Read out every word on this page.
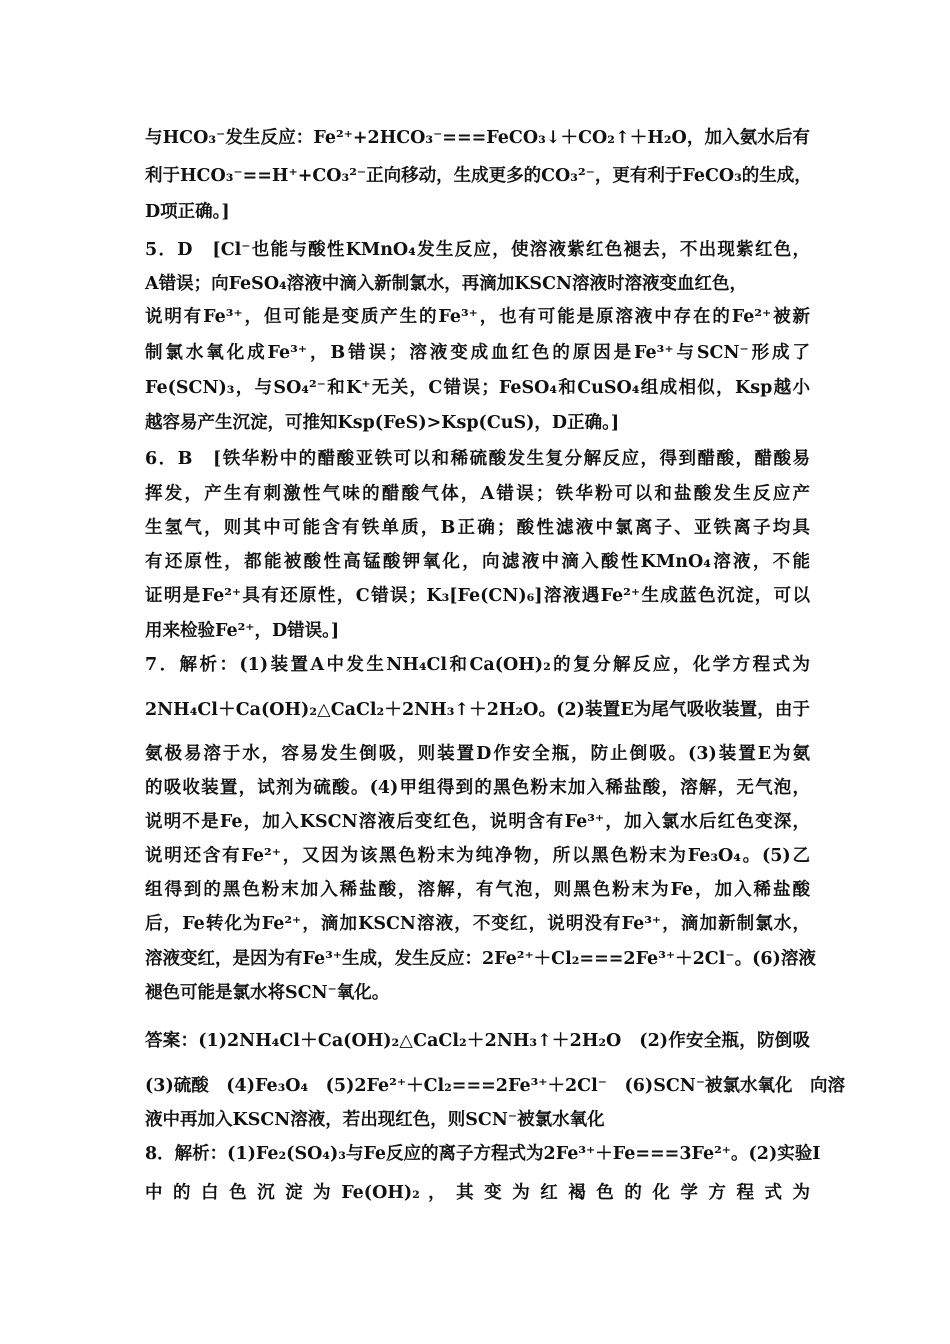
与HCO₃⁻发生反应：Fe²⁺+2HCO₃⁻===FeCO₃↓＋CO₂↑＋H₂O，加入氨水后有
利于HCO₃⁻==H⁺+CO₃²⁻正向移动，生成更多的CO₃²⁻，更有利于FeCO₃的生成，
D项正确。]
5．D　[Cl⁻也能与酸性KMnO₄发生反应，使溶液紫红色褪去，不出现紫红色，
A错误；向FeSO₄溶液中滴入新制氯水，再滴加KSCN溶液时溶液变血红色，
说明有Fe³⁺，但可能是变质产生的Fe³⁺，也有可能是原溶液中存在的Fe²⁺被新
制氯水氧化成Fe³⁺，B错误；溶液变成血红色的原因是Fe³⁺与SCN⁻形成了
Fe(SCN)₃，与SO₄²⁻和K⁺无关，C错误；FeSO₄和CuSO₄组成相似，Ksp越小
越容易产生沉淀，可推知Ksp(FeS)>Ksp(CuS)，D正确。]
6．B　[铁华粉中的醋酸亚铁可以和稀硫酸发生复分解反应，得到醋酸，醋酸易
挥发，产生有刺激性气味的醋酸气体，A错误；铁华粉可以和盐酸发生反应产
生氢气，则其中可能含有铁单质，B正确；酸性滤液中氯离子、亚铁离子均具
有还原性，都能被酸性高锰酸钾氧化，向滤液中滴入酸性KMnO₄溶液，不能
证明是Fe²⁺具有还原性，C错误；K₃[Fe(CN)₆]溶液遇Fe²⁺生成蓝色沉淀，可以
用来检验Fe²⁺，D错误。]
7．解析：(1)装置A中发生NH₄Cl和Ca(OH)₂的复分解反应，化学方程式为
2NH₄Cl＋Ca(OH)₂△CaCl₂＋2NH₃↑＋2H₂O。(2)装置E为尾气吸收装置，由于
氨极易溶于水，容易发生倒吸，则装置D作安全瓶，防止倒吸。(3)装置E为氨
的吸收装置，试剂为硫酸。(4)甲组得到的黑色粉末加入稀盐酸，溶解，无气泡，
说明不是Fe，加入KSCN溶液后变红色，说明含有Fe³⁺，加入氯水后红色变深，
说明还含有Fe²⁺，又因为该黑色粉末为纯净物，所以黑色粉末为Fe₃O₄。(5)乙
组得到的黑色粉末加入稀盐酸，溶解，有气泡，则黑色粉末为Fe，加入稀盐酸
后，Fe转化为Fe²⁺，滴加KSCN溶液，不变红，说明没有Fe³⁺，滴加新制氯水，
溶液变红，是因为有Fe³⁺生成，发生反应：2Fe²⁺＋Cl₂===2Fe³⁺＋2Cl⁻。(6)溶液
褪色可能是氯水将SCN⁻氧化。
答案：(1)2NH₄Cl＋Ca(OH)₂△CaCl₂＋2NH₃↑＋2H₂O　(2)作安全瓶，防倒吸
(3)硫酸　(4)Fe₃O₄　(5)2Fe²⁺＋Cl₂===2Fe³⁺＋2Cl⁻　(6)SCN⁻被氯水氧化　向溶
液中再加入KSCN溶液，若出现红色，则SCN⁻被氯水氧化
8．解析：(1)Fe₂(SO₄)₃与Fe反应的离子方程式为2Fe³⁺＋Fe===3Fe²⁺。(2)实验Ⅰ
中 的 白 色 沉 淀 为 Fe(OH)₂ ， 其 变 为 红 褐 色 的 化 学 方 程 式 为
